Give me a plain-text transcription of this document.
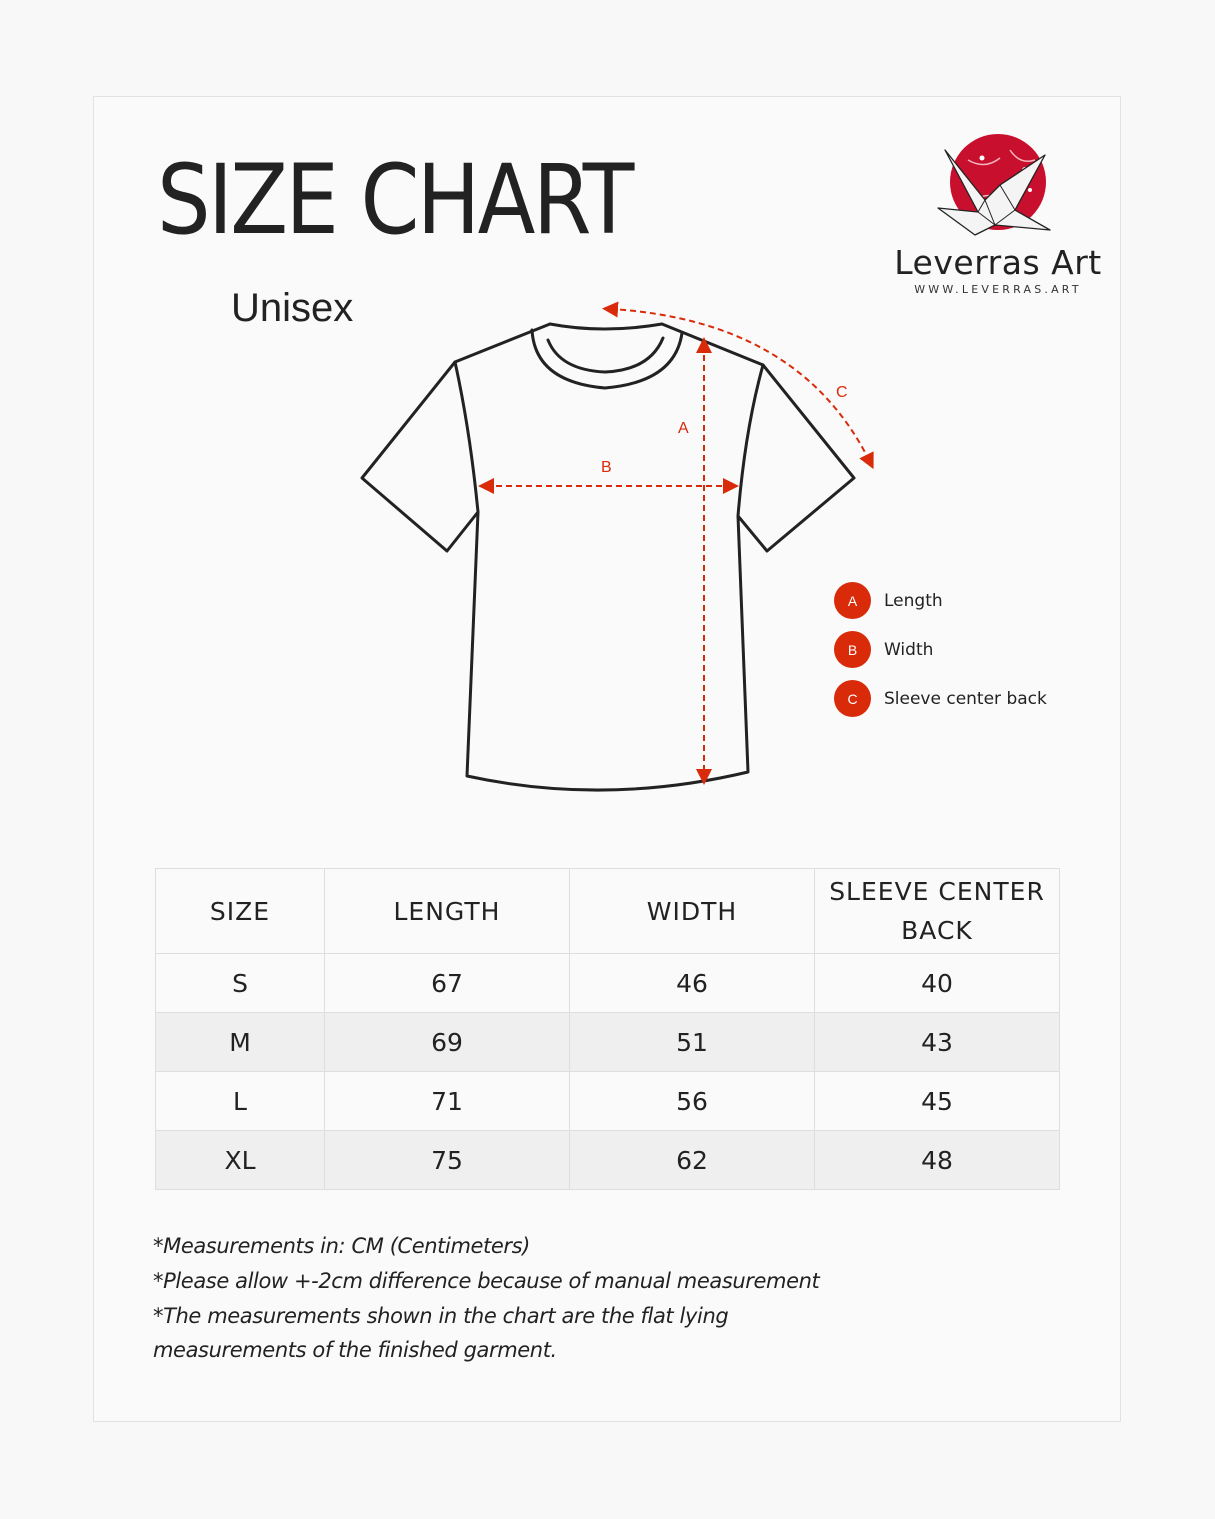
SIZE CHART
Unisex
Leverras Art
WWW.LEVERRAS.ART
A
B
C
A	Length
B	Width
C	Sleeve center back
SIZE	LENGTH	WIDTH	SLEEVE CENTER BACK
S	67	46	40
M	69	51	43
L	71	56	45
XL	75	62	48
*Measurements in: CM (Centimeters)
*Please allow +-2cm difference because of manual measurement
*The measurements shown in the chart are the flat lying
measurements of the finished garment.
